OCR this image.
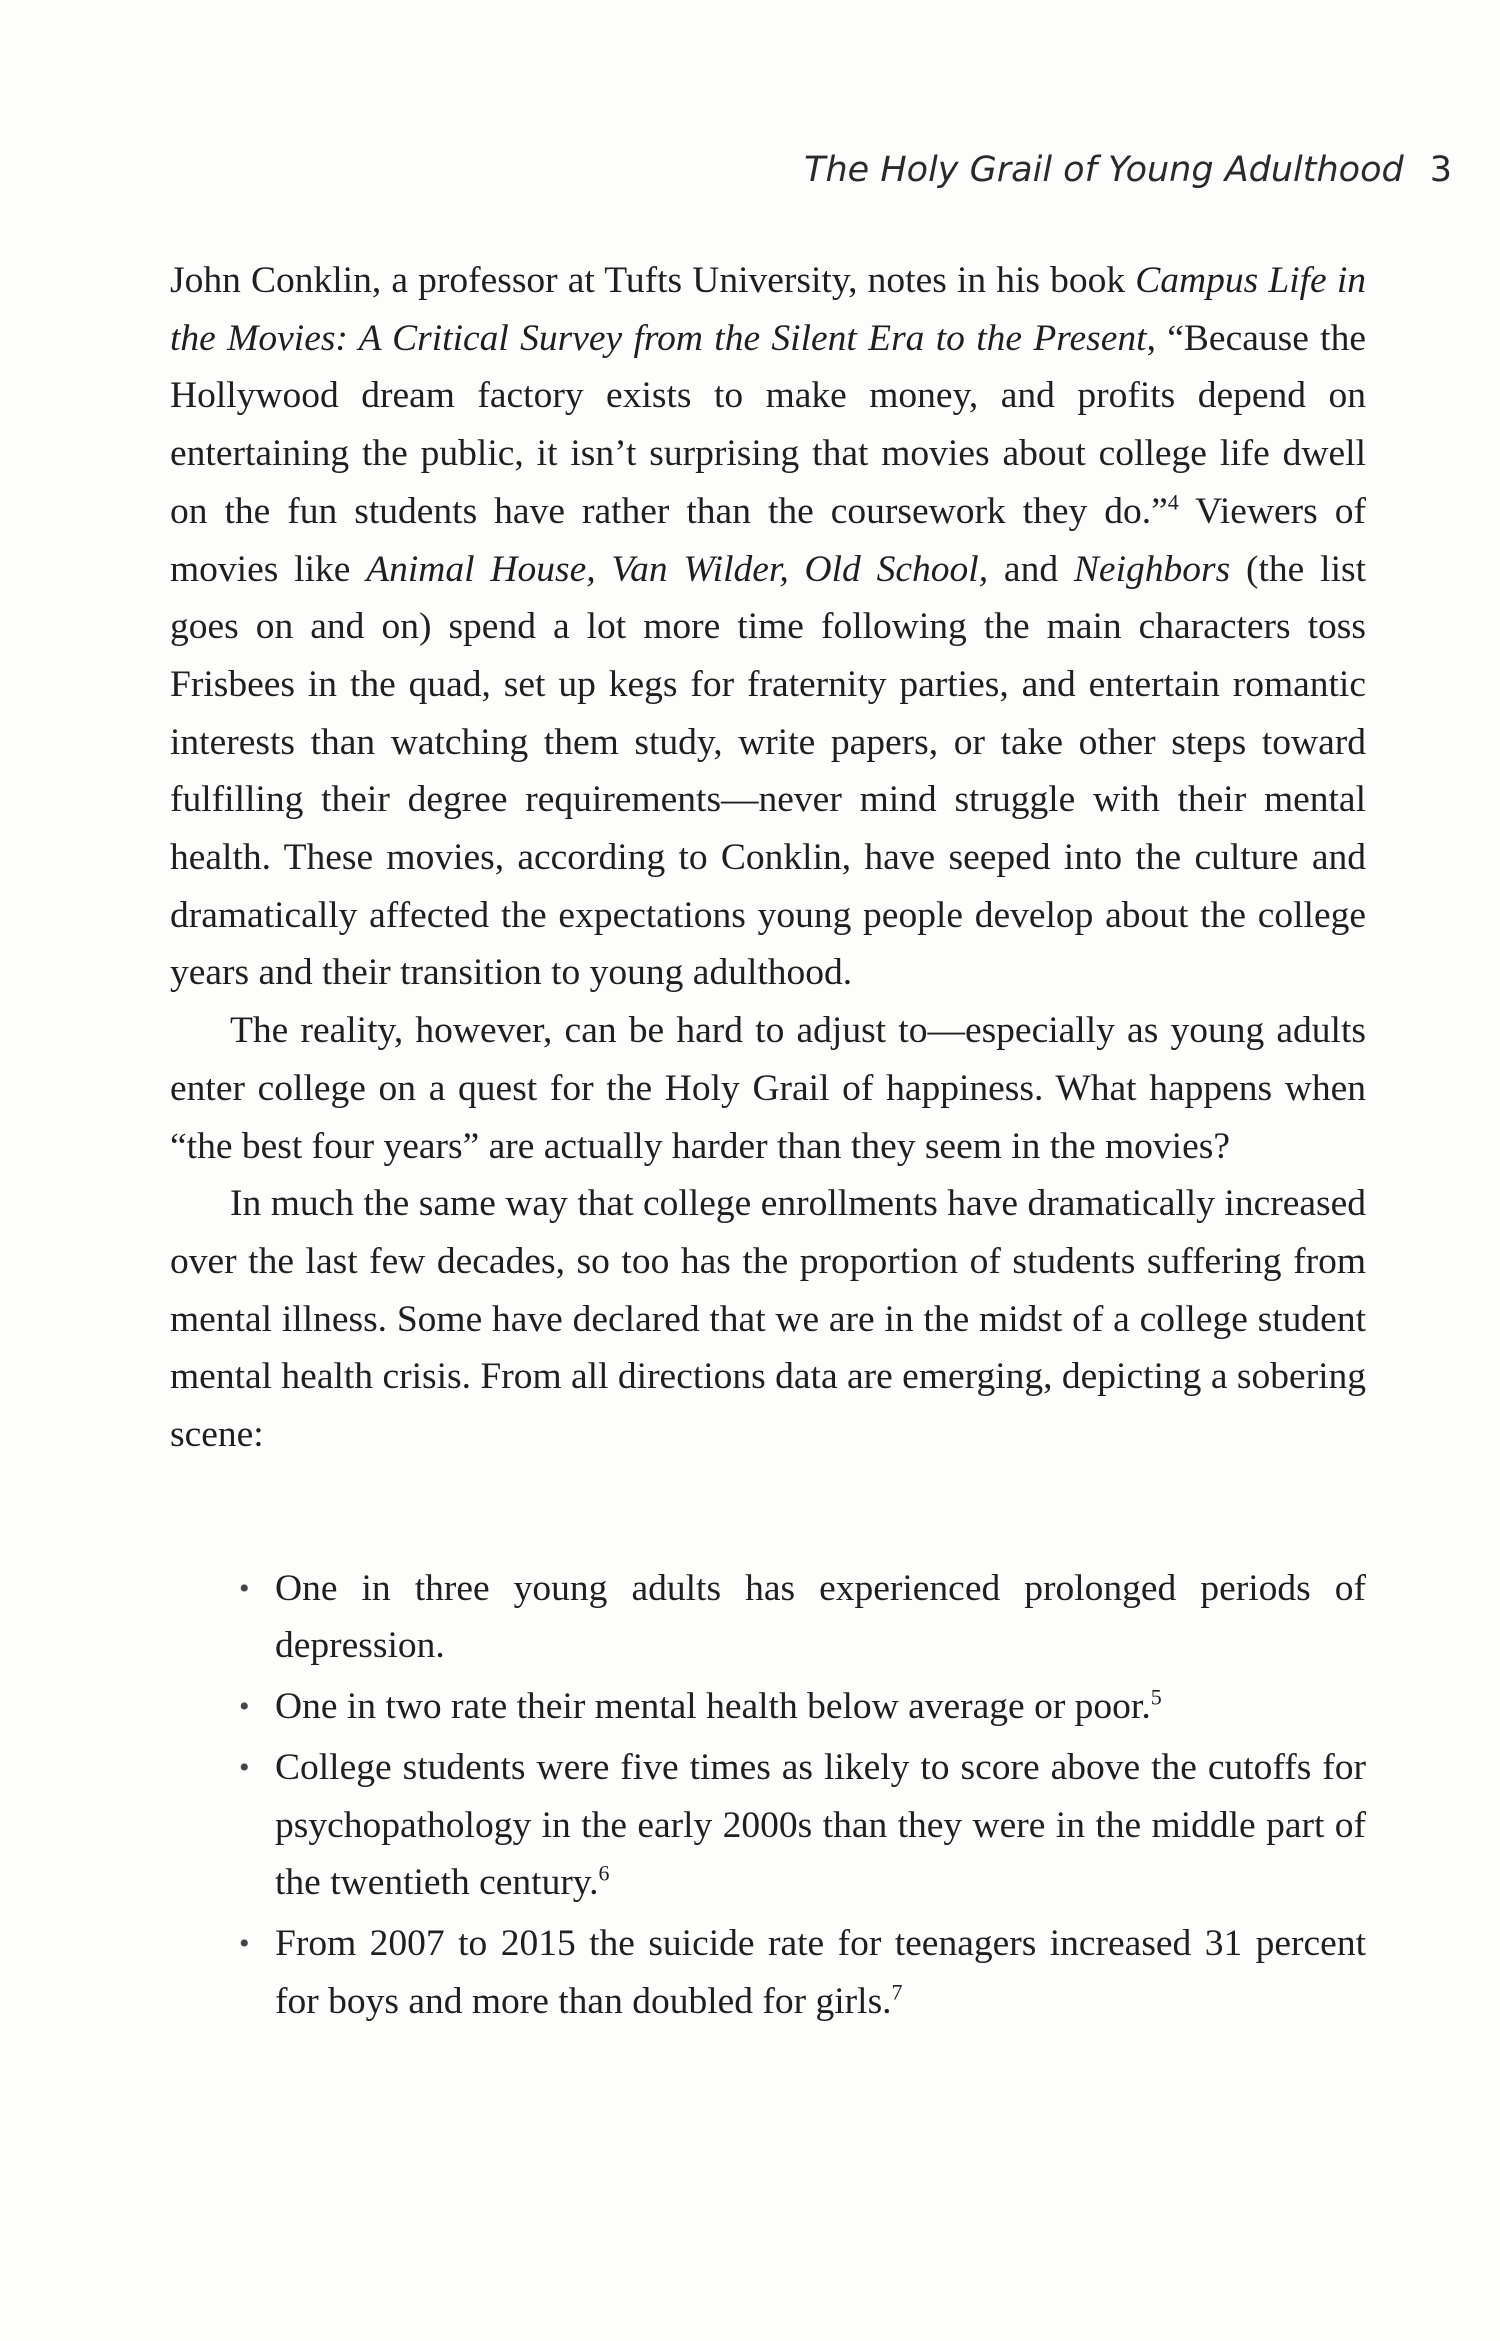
The Holy Grail of Young Adulthood 3

John Conklin, a professor at Tufts University, notes in his book Campus Life in the Movies: A Critical Survey from the Silent Era to the Present, “Because the Hollywood dream factory exists to make money, and profits depend on entertaining the public, it isn’t surprising that movies about college life dwell on the fun students have rather than the coursework they do.”$^4$ Viewers of movies like Animal House, Van Wilder, Old School, and Neighbors (the list goes on and on) spend a lot more time following the main characters toss Frisbees in the quad, set up kegs for fraternity parties, and entertain romantic interests than watching them study, write papers, or take other steps toward fulfilling their degree requirements—never mind struggle with their mental health. These movies, according to Conklin, have seeped into the culture and dramatically affected the expectations young people develop about the college years and their transition to young adulthood.

The reality, however, can be hard to adjust to—especially as young adults enter college on a quest for the Holy Grail of happiness. What happens when “the best four years” are actually harder than they seem in the movies?

In much the same way that college enrollments have dramatically increased over the last few decades, so too has the proportion of students suffering from mental illness. Some have declared that we are in the midst of a college student mental health crisis. From all directions data are emerging, depicting a sobering scene:

• One in three young adults has experienced prolonged periods of depression.
• One in two rate their mental health below average or poor.$^5$
• College students were five times as likely to score above the cutoffs for psychopathology in the early 2000s than they were in the middle part of the twentieth century.$^6$
• From 2007 to 2015 the suicide rate for teenagers increased 31 percent for boys and more than doubled for girls.$^7$
